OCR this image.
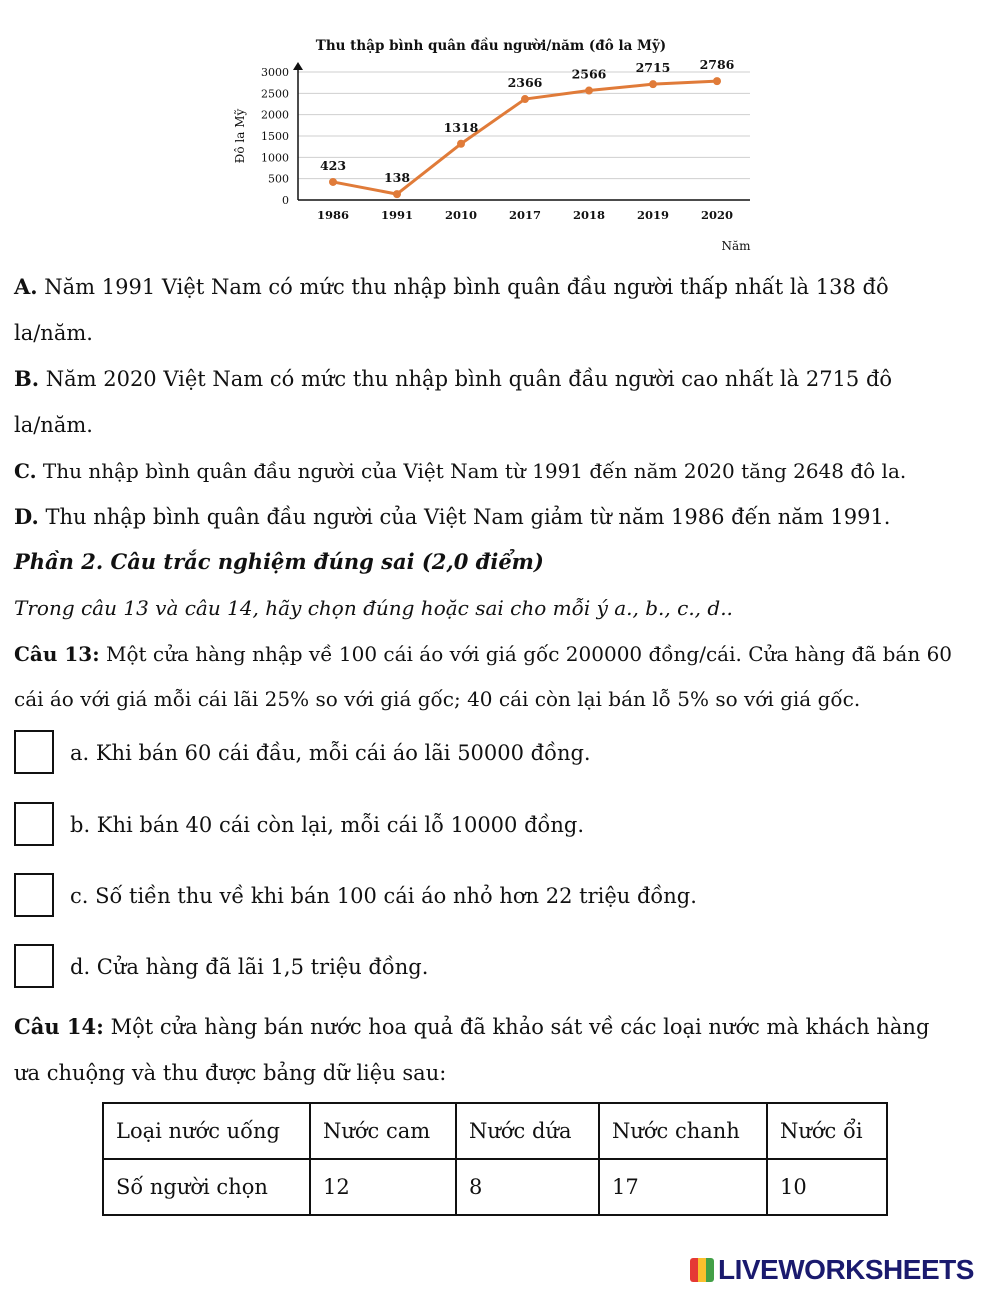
Thu thập bình quân đầu người/năm (đô la Mỹ)
0
500
1000
1500
2000
2500
3000
Đô la Mỹ
Năm
1986	1991	2010	2017	2018	2019	2020
423
138
1318
2366
2566 2715 2786
A. Năm 1991 Việt Nam có mức thu nhập bình quân đầu người thấp nhất là 138 đô
la/năm.
B. Năm 2020 Việt Nam có mức thu nhập bình quân đầu người cao nhất là 2715 đô
la/năm.
C. Thu nhập bình quân đầu người của Việt Nam từ 1991 đến năm 2020 tăng 2648 đô la.
D. Thu nhập bình quân đầu người của Việt Nam giảm từ năm 1986 đến năm 1991.
Phần 2. Câu trắc nghiệm đúng sai (2,0 điểm)
Trong câu 13 và câu 14, hãy chọn đúng hoặc sai cho mỗi ý a., b., c., d..
Câu 13: Một cửa hàng nhập về 100 cái áo với giá gốc 200000 đồng/cái. Cửa hàng đã bán 60
cái áo với giá mỗi cái lãi 25% so với giá gốc; 40 cái còn lại bán lỗ 5% so với giá gốc.
a. Khi bán 60 cái đầu, mỗi cái áo lãi 50000 đồng.
b. Khi bán 40 cái còn lại, mỗi cái lỗ 10000 đồng.
c. Số tiền thu về khi bán 100 cái áo nhỏ hơn 22 triệu đồng.
d. Cửa hàng đã lãi 1,5 triệu đồng.
Câu 14: Một cửa hàng bán nước hoa quả đã khảo sát về các loại nước mà khách hàng
ưa chuộng và thu được bảng dữ liệu sau:
Loại nước uống	Nước cam	Nước dứa	Nước chanh	Nước ổi
Số người chọn	12	8	17	10
LIVEWORKSHEETS
